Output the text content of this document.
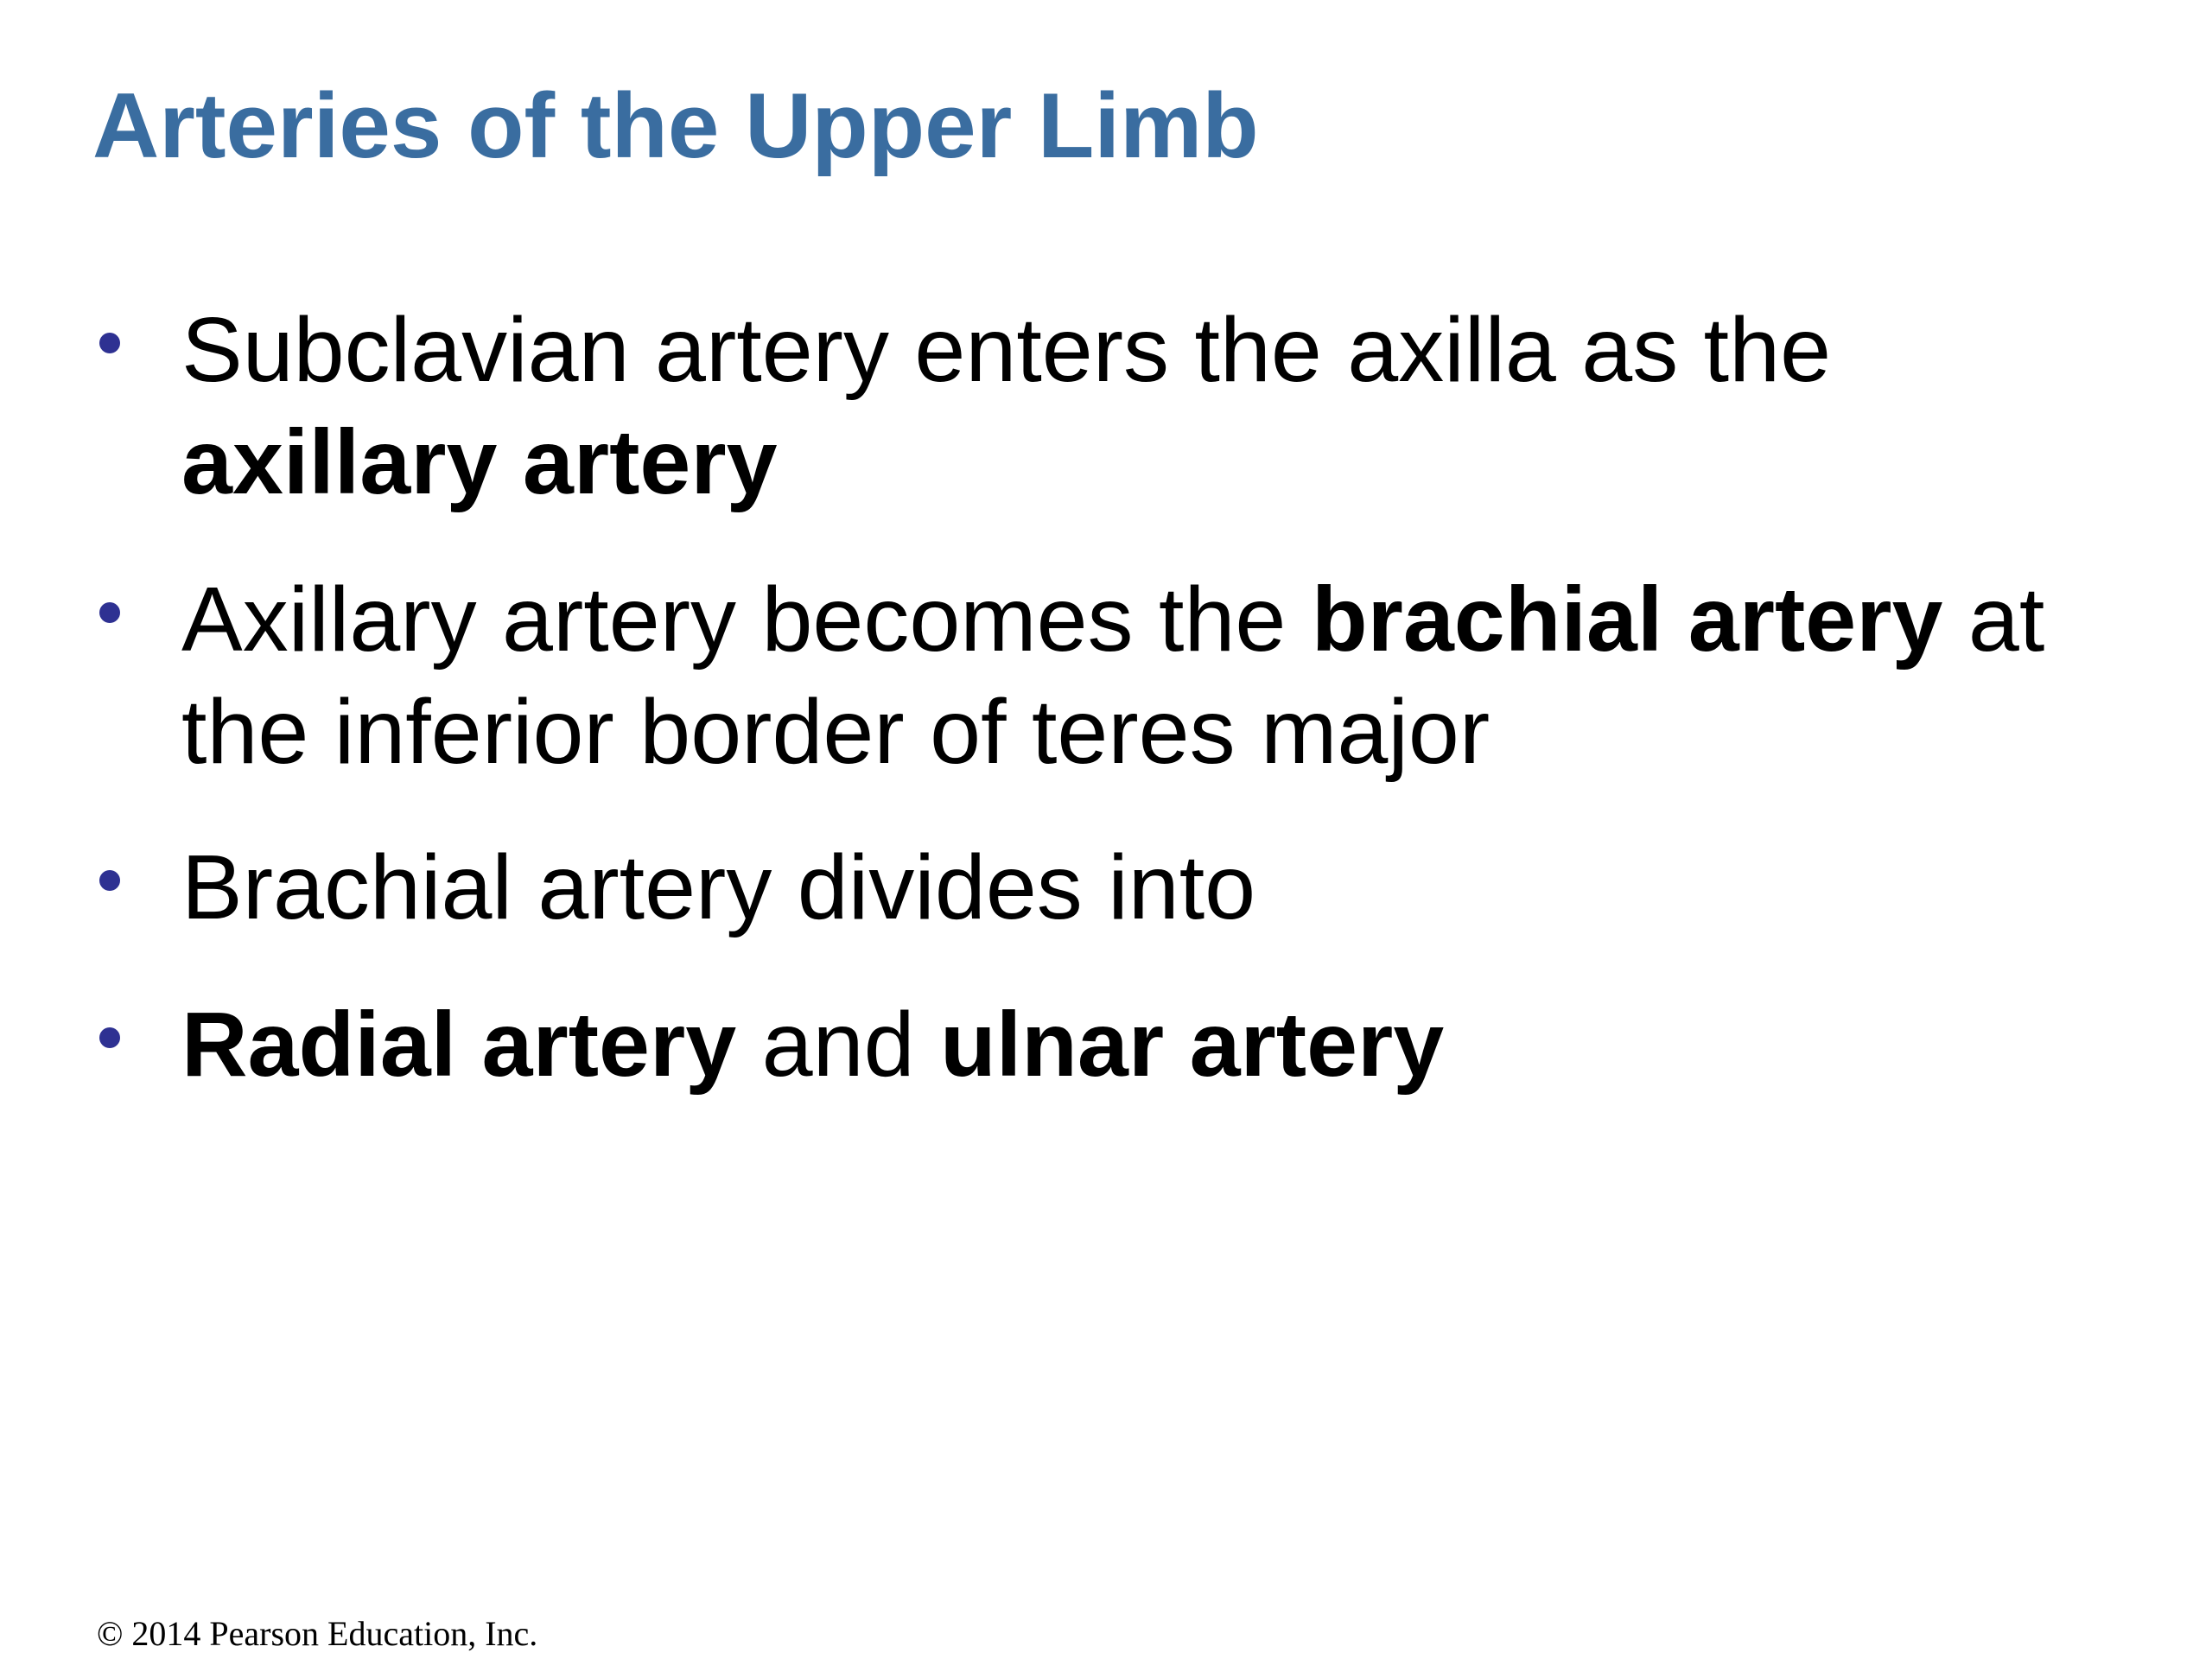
Arteries of the Upper Limb
Subclavian artery enters the axilla as the
axillary artery
Axillary artery becomes the brachial artery at the inferior border of teres major
Brachial artery divides into
Radial artery and ulnar artery
© 2014 Pearson Education, Inc.
